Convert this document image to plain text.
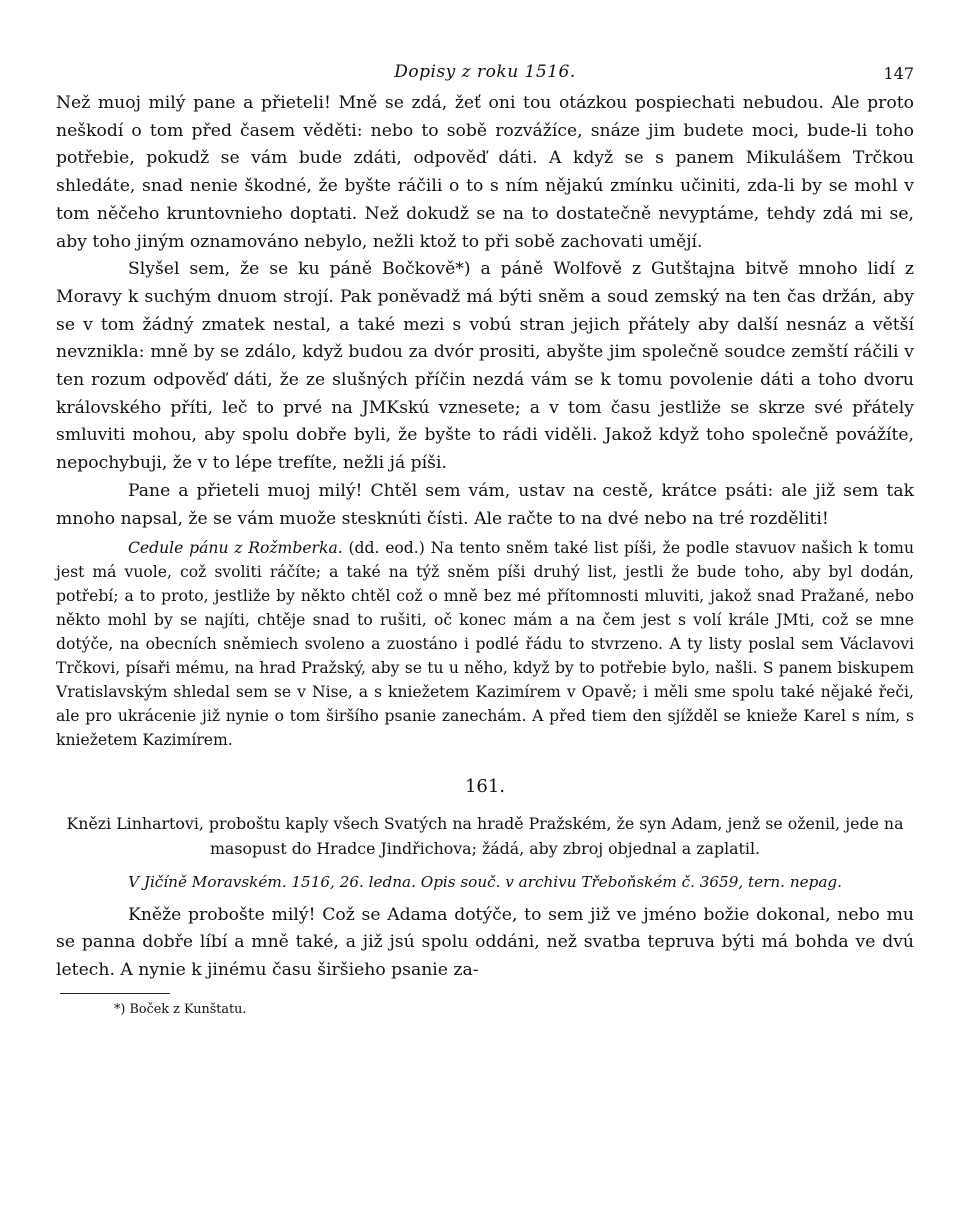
Dopisy z roku 1516.	147

Než muoj milý pane a přieteli! Mně se zdá, žeť oni tou otázkou pospiechati nebudou. Ale proto neškodí o tom před časem věděti: nebo to sobě rozvážíce, snáze jim budete moci, bude-li toho potřebie, pokudž se vám bude zdáti, odpověď dáti. A když se s panem Mikulášem Trčkou shledáte, snad nenie škodné, že byšte ráčili o to s ním nějakú zmínku učiniti, zda-li by se mohl v tom něčeho kruntovnieho doptati. Než dokudž se na to dostatečně nevyptáme, tehdy zdá mi se, aby toho jiným oznamováno nebylo, nežli ktož to při sobě zachovati umějí.

Slyšel sem, že se ku páně Bočkově*) a páně Wolfově z Gutštajna bitvě mnoho lidí z Moravy k suchým dnuom strojí. Pak poněvadž má býti sněm a soud zemský na ten čas držán, aby se v tom žádný zmatek nestal, a také mezi s vobú stran jejich přátely aby další nesnáz a větší nevznikla: mně by se zdálo, když budou za dvór prositi, abyšte jim společně soudce zemští ráčili v ten rozum odpověď dáti, že ze slušných příčin nezdá vám se k tomu povolenie dáti a toho dvoru královského příti, leč to prvé na JMKskú vznesete; a v tom času jestliže se skrze své přátely smluviti mohou, aby spolu dobře byli, že byšte to rádi viděli. Jakož když toho společně povážíte, nepochybuji, že v to lépe trefíte, nežli já píši.

Pane a přieteli muoj milý! Chtěl sem vám, ustav na cestě, krátce psáti: ale již sem tak mnoho napsal, že se vám muože stesknúti čísti. Ale račte to na dvé nebo na tré rozděliti!

Cedule pánu z Rožmberka. (dd. eod.) Na tento sněm také list píši, že podle stavuov našich k tomu jest má vuole, což svoliti ráčíte; a také na týž sněm píši druhý list, jestli že bude toho, aby byl dodán, potřebí; a to proto, jestliže by někto chtěl což o mně bez mé přítomnosti mluviti, jakož snad Pražané, nebo někto mohl by se najíti, chtěje snad to rušiti, oč konec mám a na čem jest s volí krále JMti, což se mne dotýče, na obecních sněmiech svoleno a zuostáno i podlé řádu to stvrzeno. A ty listy poslal sem Václavovi Trčkovi, písaři mému, na hrad Pražský, aby se tu u něho, když by to potřebie bylo, našli. S panem biskupem Vratislavským shledal sem se v Nise, a s kniežetem Kazimírem v Opavě; i měli sme spolu také nějaké řeči, ale pro ukrácenie již nynie o tom širšího psanie zanechám. A před tiem den sjížděl se knieže Karel s ním, s kniežetem Kazimírem.

161.

Knězi Linhartovi, proboštu kaply všech Svatých na hradě Pražském, že syn Adam, jenž se oženil, jede na masopust do Hradce Jindřichova; žádá, aby zbroj objednal a zaplatil.

V Jičíně Moravském. 1516, 26. ledna. Opis souč. v archivu Třeboňském č. 3659, tern. nepag.

Kněže probošte milý! Což se Adama dotýče, to sem již ve jméno božie dokonal, nebo mu se panna dobře líbí a mně také, a již jsú spolu oddáni, než svatba tepruva býti má bohda ve dvú letech. A nynie k jinému času širšieho psanie za-

*) Boček z Kunštatu.
